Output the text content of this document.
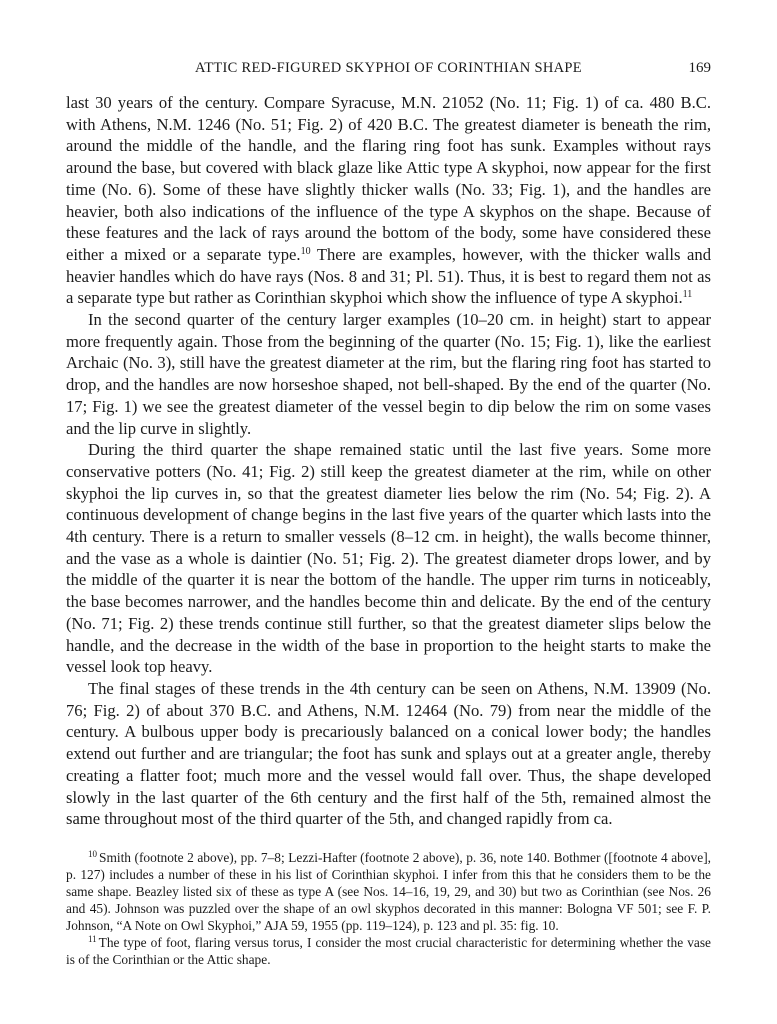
ATTIC RED-FIGURED SKYPHOI OF CORINTHIAN SHAPE	169

last 30 years of the century. Compare Syracuse, M.N. 21052 (No. 11; Fig. 1) of ca. 480 B.C. with Athens, N.M. 1246 (No. 51; Fig. 2) of 420 B.C. The greatest diameter is beneath the rim, around the middle of the handle, and the flaring ring foot has sunk. Examples without rays around the base, but covered with black glaze like Attic type A skyphoi, now appear for the first time (No. 6). Some of these have slightly thicker walls (No. 33; Fig. 1), and the handles are heavier, both also indications of the influence of the type A skyphos on the shape. Because of these features and the lack of rays around the bottom of the body, some have considered these either a mixed or a separate type.$^{10}$ There are examples, however, with the thicker walls and heavier handles which do have rays (Nos. 8 and 31; Pl. 51). Thus, it is best to regard them not as a separate type but rather as Corinthian skyphoi which show the influence of type A skyphoi.$^{11}$

In the second quarter of the century larger examples (10–20 cm. in height) start to appear more frequently again. Those from the beginning of the quarter (No. 15; Fig. 1), like the earliest Archaic (No. 3), still have the greatest diameter at the rim, but the flaring ring foot has started to drop, and the handles are now horseshoe shaped, not bell-shaped. By the end of the quarter (No. 17; Fig. 1) we see the greatest diameter of the vessel begin to dip below the rim on some vases and the lip curve in slightly.

During the third quarter the shape remained static until the last five years. Some more conservative potters (No. 41; Fig. 2) still keep the greatest diameter at the rim, while on other skyphoi the lip curves in, so that the greatest diameter lies below the rim (No. 54; Fig. 2). A continuous development of change begins in the last five years of the quarter which lasts into the 4th century. There is a return to smaller vessels (8–12 cm. in height), the walls become thinner, and the vase as a whole is daintier (No. 51; Fig. 2). The greatest diameter drops lower, and by the middle of the quarter it is near the bottom of the handle. The upper rim turns in noticeably, the base becomes narrower, and the handles become thin and delicate. By the end of the century (No. 71; Fig. 2) these trends continue still further, so that the greatest diameter slips below the handle, and the decrease in the width of the base in proportion to the height starts to make the vessel look top heavy.

The final stages of these trends in the 4th century can be seen on Athens, N.M. 13909 (No. 76; Fig. 2) of about 370 B.C. and Athens, N.M. 12464 (No. 79) from near the middle of the century. A bulbous upper body is precariously balanced on a conical lower body; the handles extend out further and are triangular; the foot has sunk and splays out at a greater angle, thereby creating a flatter foot; much more and the vessel would fall over. Thus, the shape developed slowly in the last quarter of the 6th century and the first half of the 5th, remained almost the same throughout most of the third quarter of the 5th, and changed rapidly from ca.

$^{10}$ Smith (footnote 2 above), pp. 7–8; Lezzi-Hafter (footnote 2 above), p. 36, note 140. Bothmer ([footnote 4 above], p. 127) includes a number of these in his list of Corinthian skyphoi. I infer from this that he considers them to be the same shape. Beazley listed six of these as type A (see Nos. 14–16, 19, 29, and 30) but two as Corinthian (see Nos. 26 and 45). Johnson was puzzled over the shape of an owl skyphos decorated in this manner: Bologna VF 501; see F. P. Johnson, “A Note on Owl Skyphoi,” AJA 59, 1955 (pp. 119–124), p. 123 and pl. 35: fig. 10.

$^{11}$ The type of foot, flaring versus torus, I consider the most crucial characteristic for determining whether the vase is of the Corinthian or the Attic shape.
